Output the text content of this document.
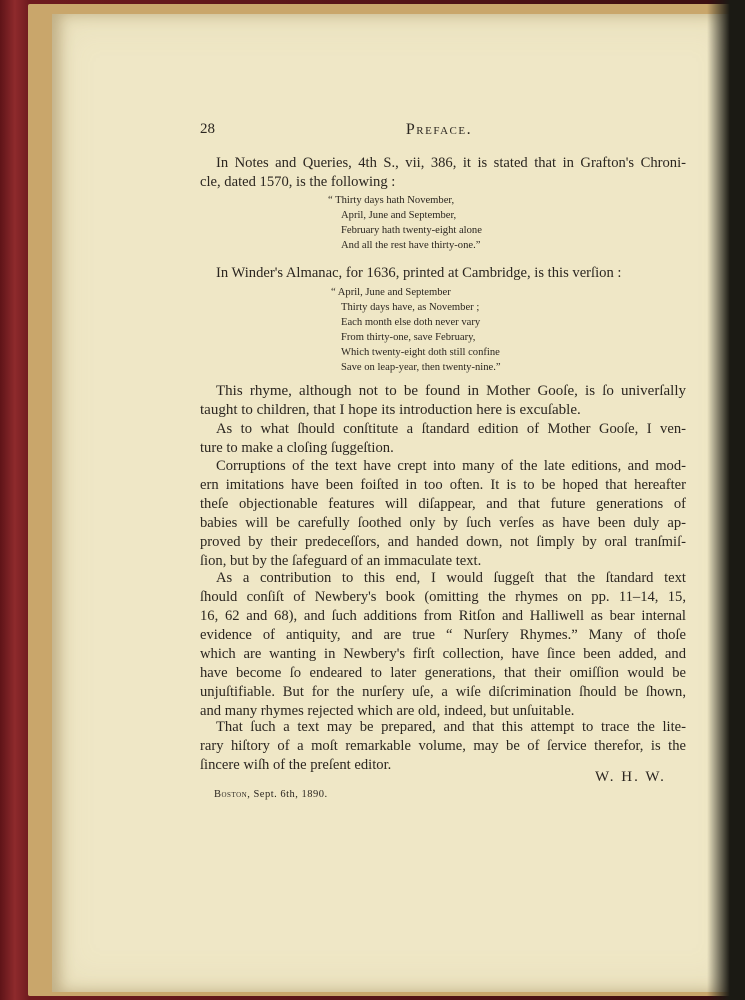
28	Preface.
In Notes and Queries, 4th S., vii, 386, it is stated that in Grafton's Chroni-
cle, dated 1570, is the following :
“ Thirty days hath November,
April, June and September,
February hath twenty-eight alone
And all the rest have thirty-one.”
In Winder's Almanac, for 1636, printed at Cambridge, is this verſion :
“ April, June and September
Thirty days have, as November ;
Each month else doth never vary
From thirty-one, save February,
Which twenty-eight doth still confine
Save on leap-year, then twenty-nine.”
This rhyme, although not to be found in Mother Gooſe, is ſo univerſally
taught to children, that I hope its introduction here is excuſable.
As to what ſhould conſtitute a ſtandard edition of Mother Gooſe, I ven-
ture to make a cloſing ſuggeſtion.
Corruptions of the text have crept into many of the late editions, and mod-
ern imitations have been foiſted in too often. It is to be hoped that hereafter
theſe objectionable features will diſappear, and that future generations of
babies will be carefully ſoothed only by ſuch verſes as have been duly ap-
proved by their predeceſſors, and handed down, not ſimply by oral tranſmiſ-
ſion, but by the ſafeguard of an immaculate text.
As a contribution to this end, I would ſuggeſt that the ſtandard text
ſhould conſiſt of Newbery's book (omitting the rhymes on pp. 11–14, 15,
16, 62 and 68), and ſuch additions from Ritſon and Halliwell as bear internal
evidence of antiquity, and are true “ Nurſery Rhymes.” Many of thoſe
which are wanting in Newbery's firſt collection, have ſince been added, and
have become ſo endeared to later generations, that their omiſſion would be
unjuſtifiable. But for the nurſery uſe, a wiſe diſcrimination ſhould be ſhown,
and many rhymes rejected which are old, indeed, but unſuitable.
That ſuch a text may be prepared, and that this attempt to trace the lite-
rary hiſtory of a moſt remarkable volume, may be of ſervice therefor, is the
ſincere wiſh of the preſent editor.
W. H. W.
Boston, Sept. 6th, 1890.
